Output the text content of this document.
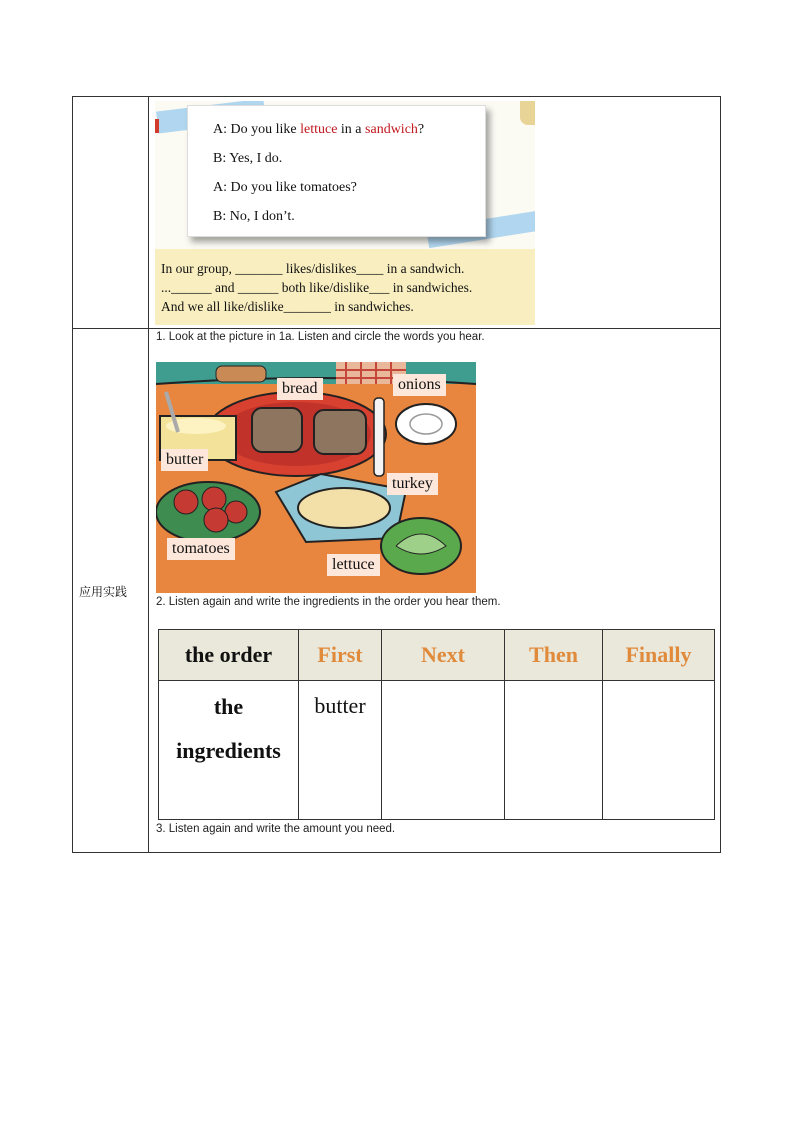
应用实践
A: Do you like lettuce in a sandwich?
B: Yes, I do.
A: Do you like tomatoes?
B: No, I don’t.
In our group, _______ likes/dislikes____ in a sandwich.
...______ and ______ both like/dislike___ in sandwiches.
And we all like/dislike_______ in sandwiches.
1. Look at the picture in 1a. Listen and circle the words you hear.
bread	onions
butter
turkey
tomatoes
lettuce
2. Listen again and write the ingredients in the order you hear them.
the order	First	Next	Then	Finally
the
ingredients	butter			
3. Listen again and write the amount you need.
